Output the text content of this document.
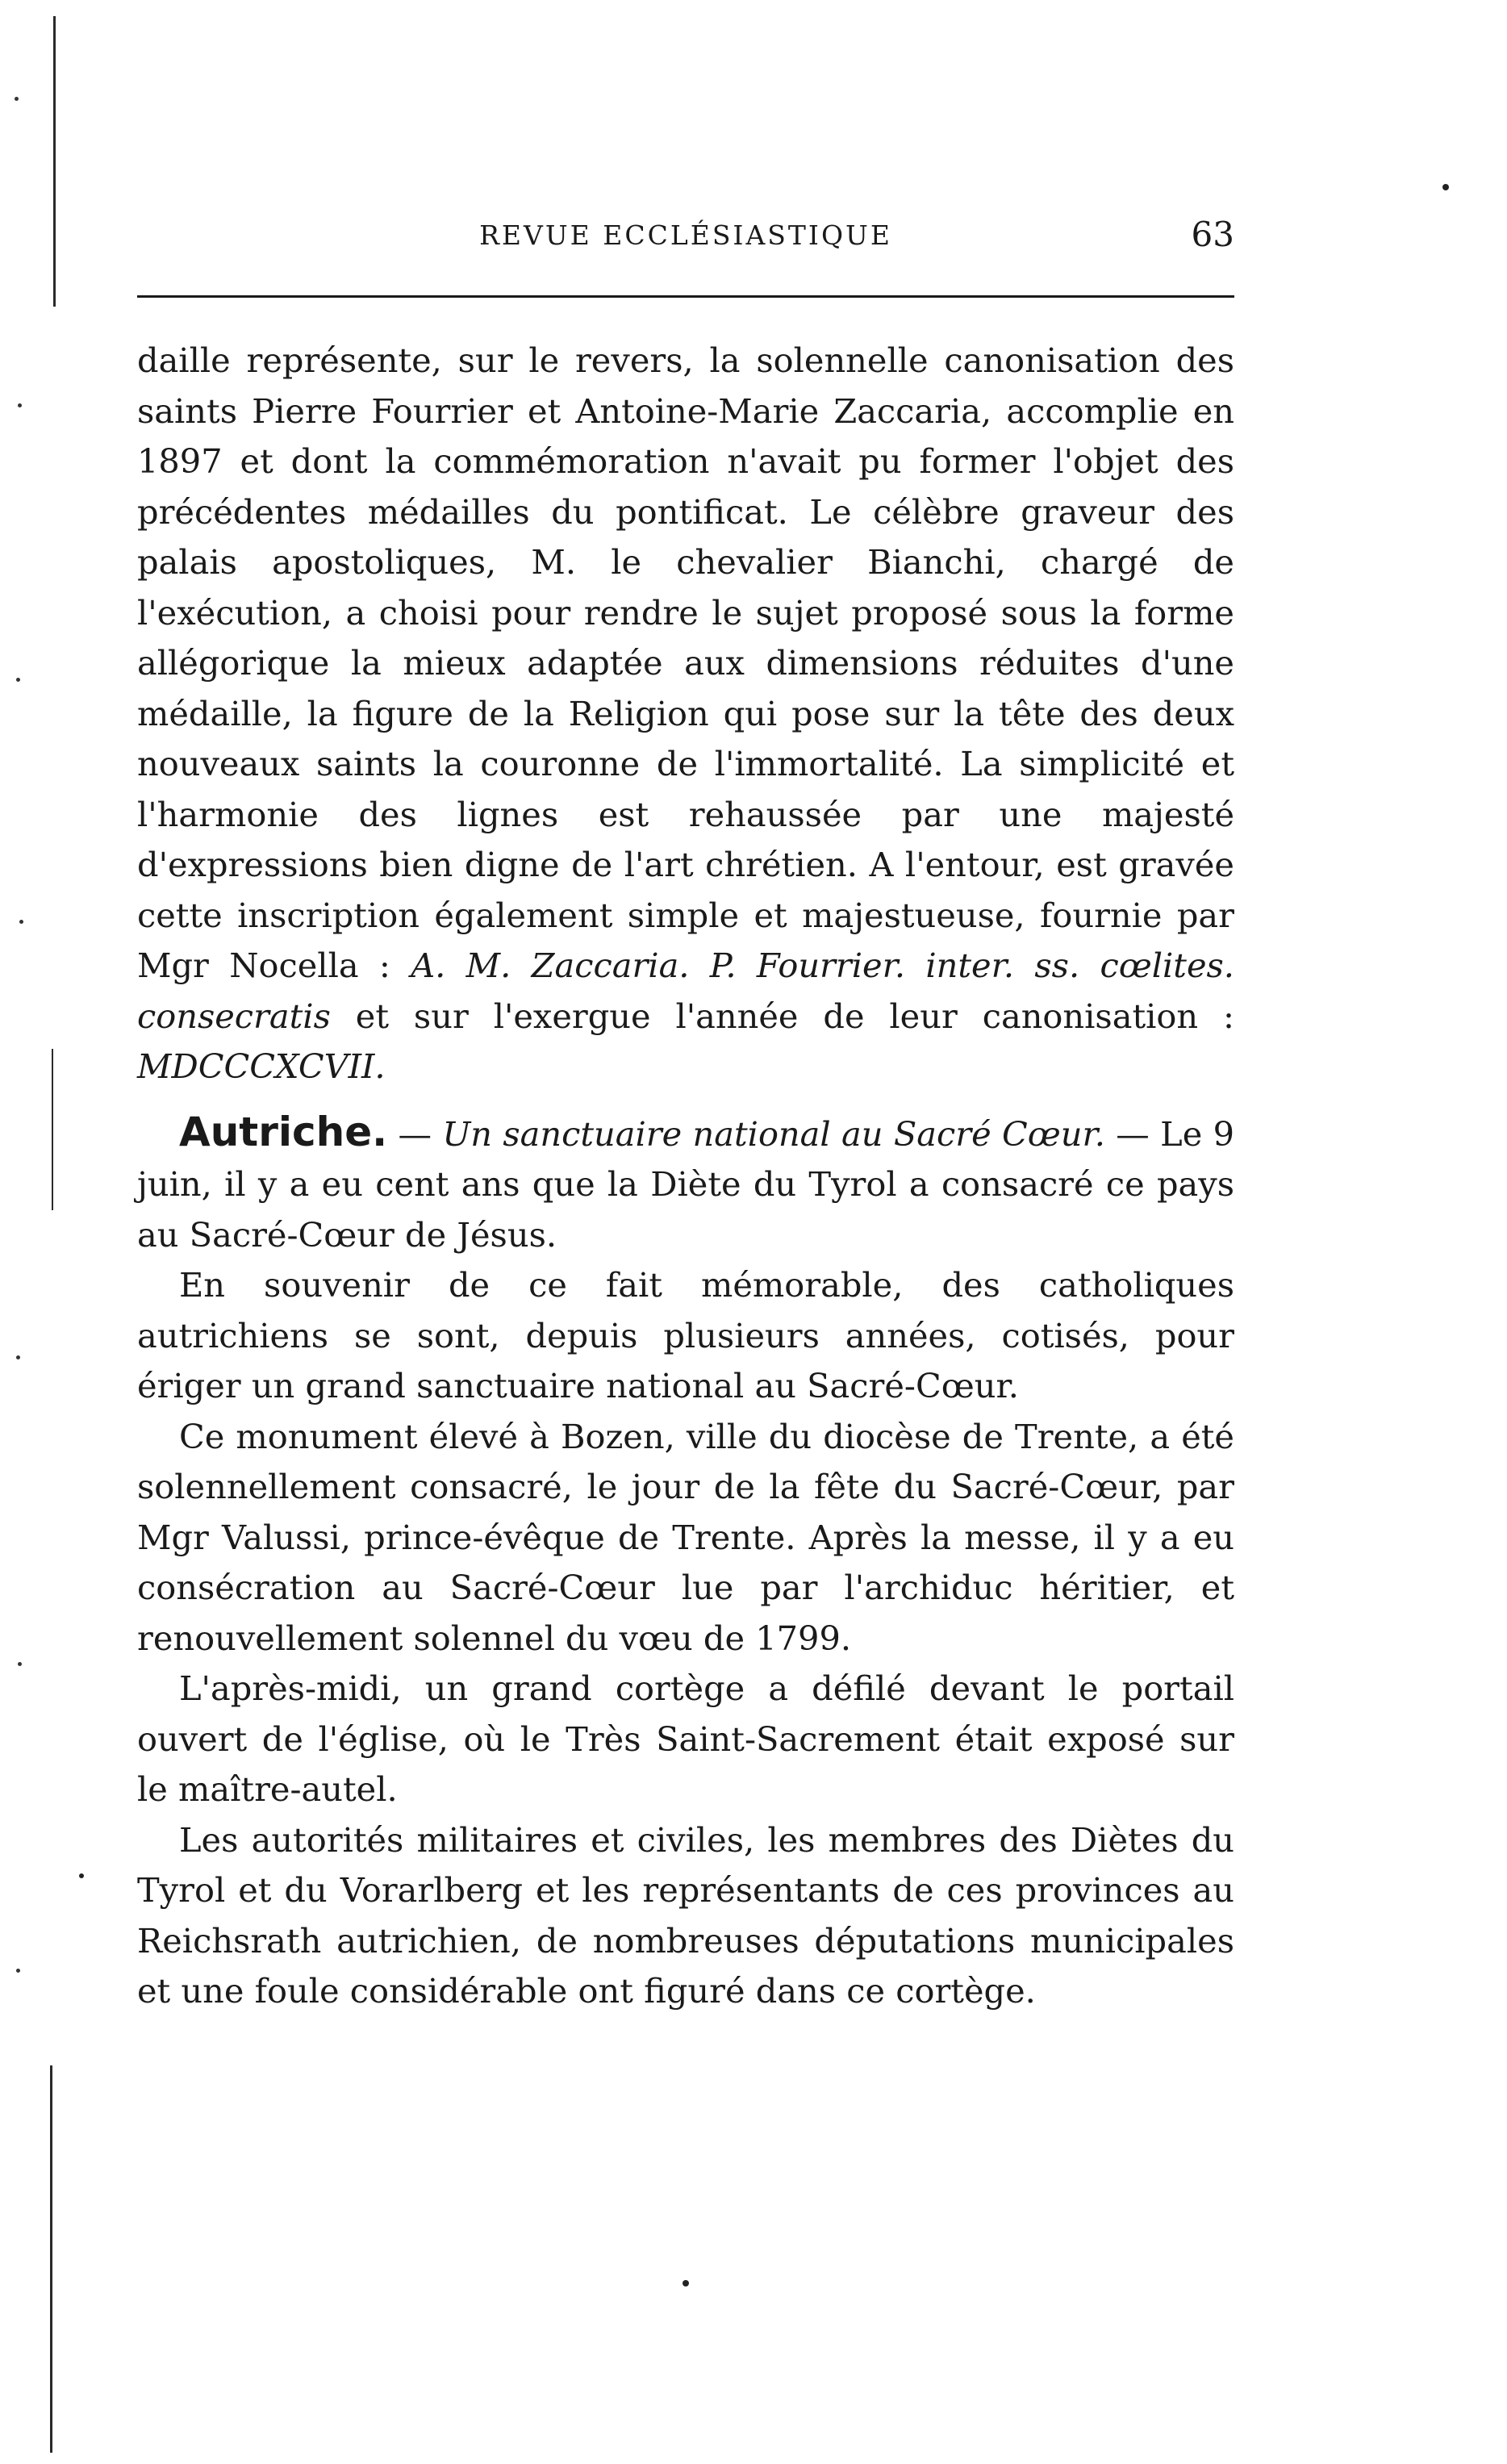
REVUE ECCLÉSIASTIQUE	63

daille représente, sur le revers, la solennelle canonisation des saints Pierre Fourrier et Antoine-Marie Zaccaria, accomplie en 1897 et dont la commémoration n'avait pu former l'objet des précédentes médailles du pontificat. Le célèbre graveur des palais apostoliques, M. le chevalier Bianchi, chargé de l'exécution, a choisi pour rendre le sujet proposé sous la forme allégorique la mieux adaptée aux dimensions réduites d'une médaille, la figure de la Religion qui pose sur la tête des deux nouveaux saints la couronne de l'immortalité. La simplicité et l'harmonie des lignes est rehaussée par une majesté d'expressions bien digne de l'art chrétien. A l'entour, est gravée cette inscription également simple et majestueuse, fournie par Mgr Nocella : A. M. Zaccaria. P. Fourrier. inter. ss. cœlites. consecratis et sur l'exergue l'année de leur canonisation : MDCCCXCVII.

Autriche. — Un sanctuaire national au Sacré Cœur. — Le 9 juin, il y a eu cent ans que la Diète du Tyrol a consacré ce pays au Sacré-Cœur de Jésus.

En souvenir de ce fait mémorable, des catholiques autrichiens se sont, depuis plusieurs années, cotisés, pour ériger un grand sanctuaire national au Sacré-Cœur.

Ce monument élevé à Bozen, ville du diocèse de Trente, a été solennellement consacré, le jour de la fête du Sacré-Cœur, par Mgr Valussi, prince-évêque de Trente. Après la messe, il y a eu consécration au Sacré-Cœur lue par l'archiduc héritier, et renouvellement solennel du vœu de 1799.

L'après-midi, un grand cortège a défilé devant le portail ouvert de l'église, où le Très Saint-Sacrement était exposé sur le maître-autel.

Les autorités militaires et civiles, les membres des Diètes du Tyrol et du Vorarlberg et les représentants de ces provinces au Reichsrath autrichien, de nombreuses députations municipales et une foule considérable ont figuré dans ce cortège.
